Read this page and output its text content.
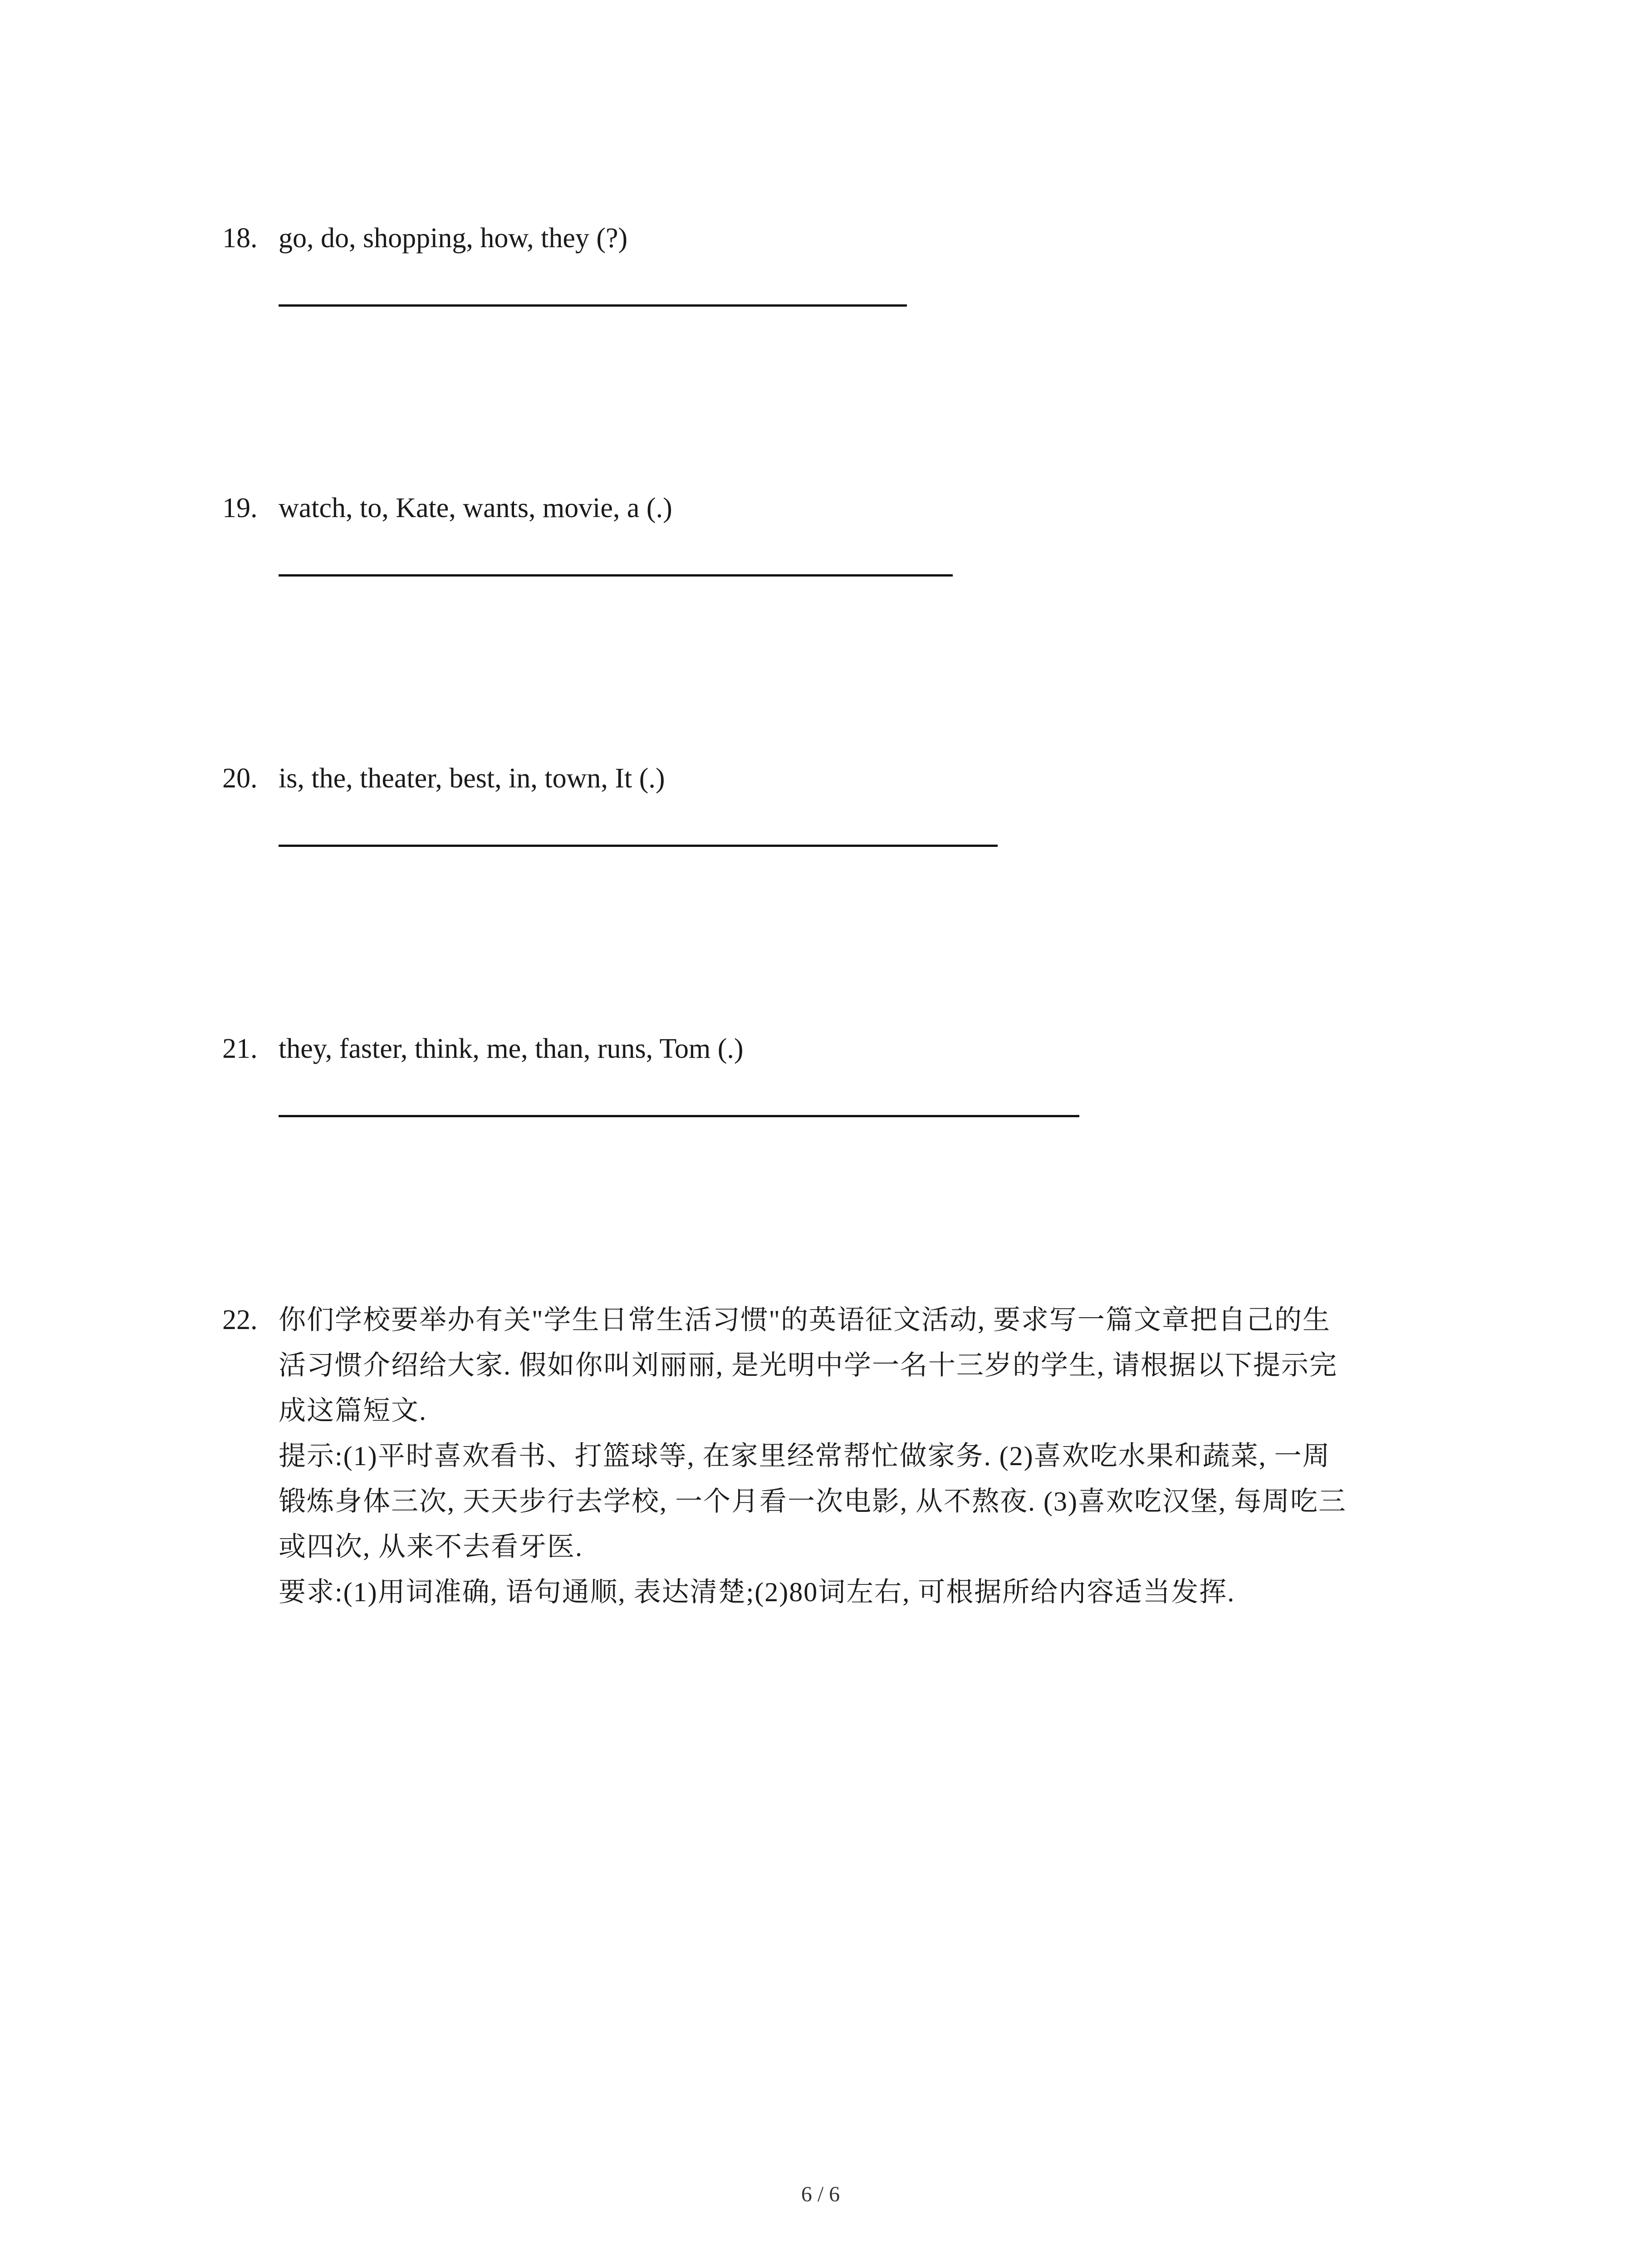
18. go, do, shopping, how, they (?)
19. watch, to, Kate, wants, movie, a (.)
20. is, the, theater, best, in, town, It (.)
21. they, faster, think, me, than, runs, Tom (.)
22. 你们学校要举办有关"学生日常生活习惯"的英语征文活动, 要求写一篇文章把自己的生
活习惯介绍给大家. 假如你叫刘丽丽, 是光明中学一名十三岁的学生, 请根据以下提示完
成这篇短文.
提示:(1)平时喜欢看书、打篮球等, 在家里经常帮忙做家务. (2)喜欢吃水果和蔬菜, 一周
锻炼身体三次, 天天步行去学校, 一个月看一次电影, 从不熬夜. (3)喜欢吃汉堡, 每周吃三
或四次, 从来不去看牙医.
要求:(1)用词准确, 语句通顺, 表达清楚;(2)80词左右, 可根据所给内容适当发挥.
6 / 6
